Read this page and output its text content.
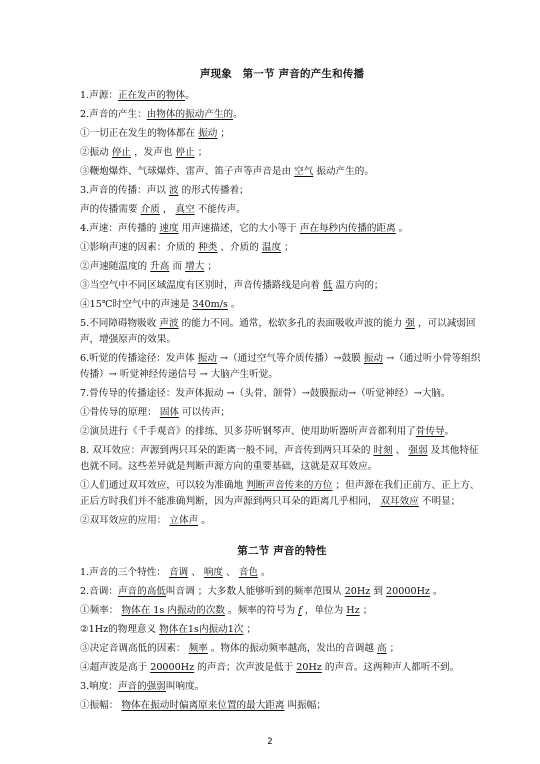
声现象　第一节 声音的产生和传播
1.声源：正在发声的物体。
2.声音的产生：由物体的振动产生的。
①一切正在发生的物体都在 振动 ；
②振动 停止 ，发声也 停止 ；
③鞭炮爆炸、气球爆炸、雷声、笛子声等声音是由 空气 振动产生的。
3.声音的传播：声以 波 的形式传播着；
声的传播需要 介质 ， 真空 不能传声。
4.声速：声传播的 速度 用声速描述，它的大小等于 声在每秒内传播的距离 。
①影响声速的因素：介质的 种类 、介质的 温度 ；
②声速随温度的 升高 而 增大 ；
③当空气中不同区域温度有区别时，声音传播路线是向着 低 温方向的；
④15℃时空气中的声速是 340m/s 。
5.不同障碍物吸收 声波 的能力不同。通常，松软多孔的表面吸收声波的能力 强 ，可以减弱回声，增强原声的效果。
6.听觉的传播途径：发声体 振动 →（通过空气等介质传播）→鼓膜 振动 →（通过听小骨等组织传播）→ 听觉神经传递信号 → 大脑产生听觉。
7.骨传导的传播途径：发声体振动 →（头骨、颌骨）→鼓膜振动→（听觉神经）→大脑。
①骨传导的原理： 固体 可以传声；
②演员进行《千手观音》的排练、贝多芬听钢琴声、使用助听器听声音都利用了骨传导。
8. 双耳效应：声源到两只耳朵的距离一般不同，声音传到两只耳朵的 时刻 、 强弱 及其他特征也就不同。这些差异就是判断声源方向的重要基础，这就是双耳效应。
①人们通过双耳效应，可以较为准确地 判断声音传来的方位 ；但声源在我们正前方、正上方、正后方时我们并不能准确判断，因为声源到两只耳朵的距离几乎相同， 双耳效应 不明显；
②双耳效应的应用： 立体声 。
第二节 声音的特性
1.声音的三个特性： 音调 、 响度 、 音色 。
2.音调：声音的高低叫音调 ；大多数人能够听到的频率范围从 20Hz 到 20000Hz 。
①频率： 物体在 1s 内振动的次数 。频率的符号为 f ，单位为 Hz ；
②1Hz的物理意义 物体在1s内振动1次 ；
③决定音调高低的因素： 频率 。物体的振动频率越高，发出的音调越 高 ；
④超声波是高于 20000Hz 的声音；次声波是低于 20Hz 的声音。这两种声人都听不到。
3.响度：声音的强弱叫响度。
①振幅： 物体在振动时偏离原来位置的最大距离 叫振幅；
2
